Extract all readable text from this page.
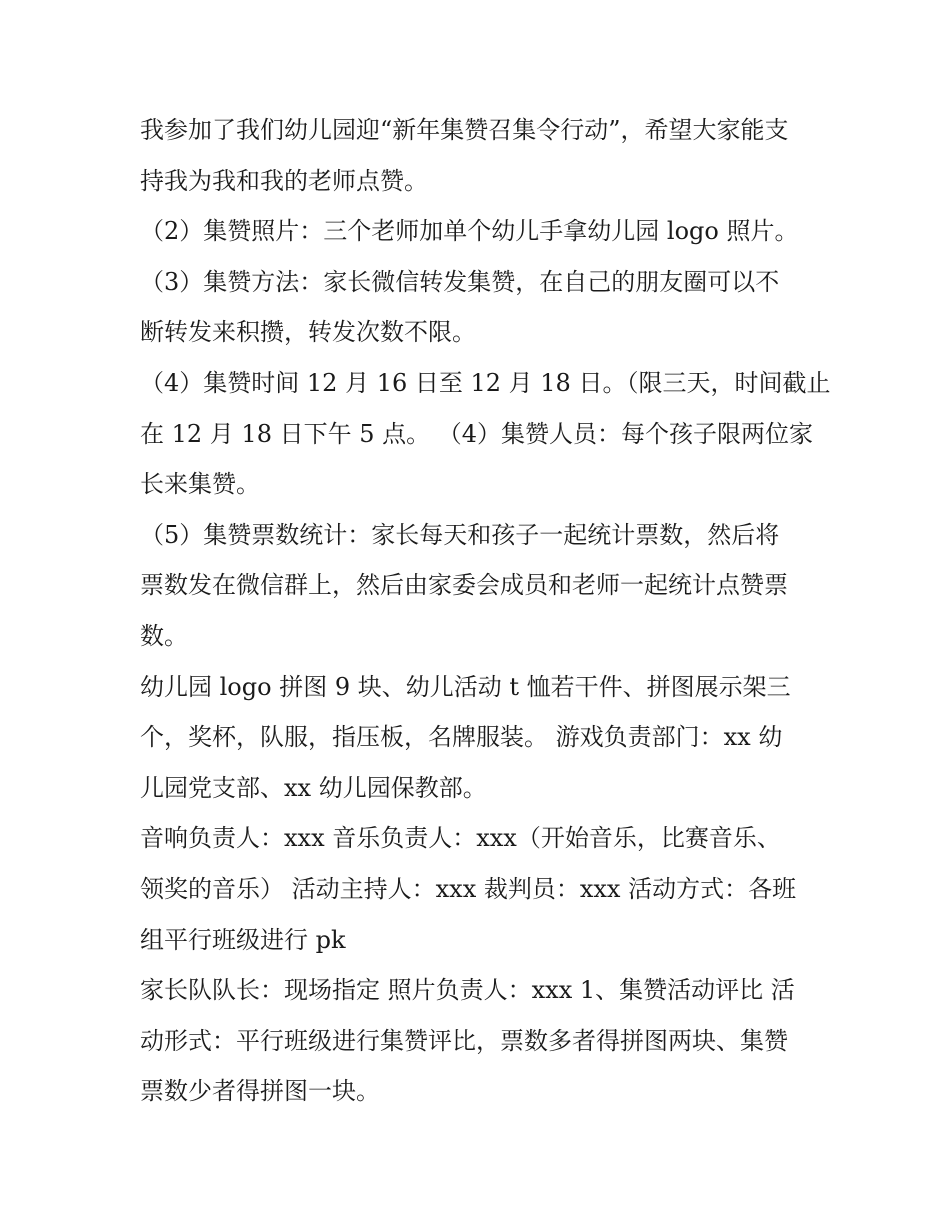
我参加了我们幼儿园迎“新年集赞召集令行动”，希望大家能支
持我为我和我的老师点赞。
（2）集赞照片：三个老师加单个幼儿手拿幼儿园 logo 照片。
（3）集赞方法：家长微信转发集赞，在自己的朋友圈可以不
断转发来积攒，转发次数不限。
（4）集赞时间 12 月 16 日至 12 月 18 日。（限三天，时间截止
在 12 月 18 日下午 5 点。 （4）集赞人员：每个孩子限两位家
长来集赞。
（5）集赞票数统计：家长每天和孩子一起统计票数，然后将
票数发在微信群上，然后由家委会成员和老师一起统计点赞票
数。
幼儿园 logo 拼图 9 块、幼儿活动 t 恤若干件、拼图展示架三
个，奖杯，队服，指压板，名牌服装。 游戏负责部门：xx 幼
儿园党支部、xx 幼儿园保教部。
音响负责人：xxx 音乐负责人：xxx（开始音乐，比赛音乐、
领奖的音乐） 活动主持人：xxx 裁判员：xxx 活动方式：各班
组平行班级进行 pk
家长队队长：现场指定 照片负责人：xxx 1、集赞活动评比 活
动形式：平行班级进行集赞评比，票数多者得拼图两块、集赞
票数少者得拼图一块。
